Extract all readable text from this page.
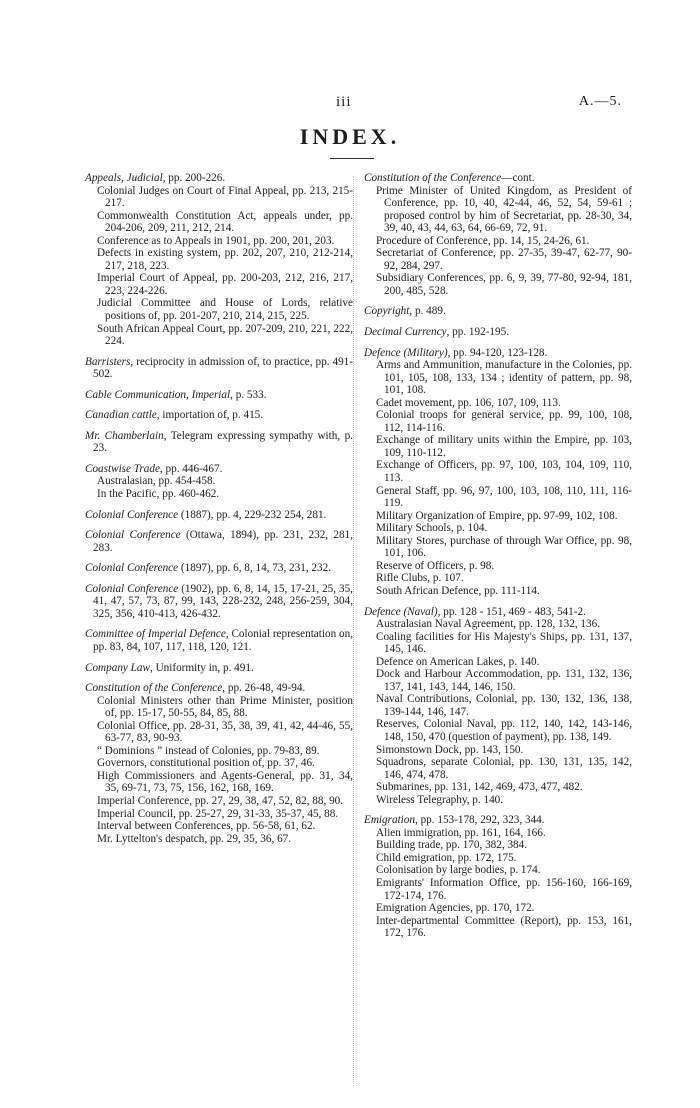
iii	A.—5.
INDEX.
Appeals, Judicial, pp. 200-226.
Colonial Judges on Court of Final Appeal, pp. 213, 215-217.
Commonwealth Constitution Act, appeals under, pp. 204-206, 209, 211, 212, 214.
Conference as to Appeals in 1901, pp. 200, 201, 203.
Defects in existing system, pp. 202, 207, 210, 212-214, 217, 218, 223.
Imperial Court of Appeal, pp. 200-203, 212, 216, 217, 223, 224-226.
Judicial Committee and House of Lords, relative positions of, pp. 201-207, 210, 214, 215, 225.
South African Appeal Court, pp. 207-209, 210, 221, 222, 224.
Barristers, reciprocity in admission of, to practice, pp. 491-502.
Cable Communication, Imperial, p. 533.
Canadian cattle, importation of, p. 415.
Mr. Chamberlain, Telegram expressing sympathy with, p. 23.
Coastwise Trade, pp. 446-467.
Australasian, pp. 454-458.
In the Pacific, pp. 460-462.
Colonial Conference (1887), pp. 4, 229-232 254, 281.
Colonial Conference (Ottawa, 1894), pp. 231, 232, 281, 283.
Colonial Conference (1897), pp. 6, 8, 14, 73, 231, 232.
Colonial Conference (1902), pp. 6, 8, 14, 15, 17-21, 25, 35, 41, 47, 57, 73, 87, 99, 143, 228-232, 248, 256-259, 304, 325, 356, 410-413, 426-432.
Committee of Imperial Defence, Colonial representation on, pp. 83, 84, 107, 117, 118, 120, 121.
Company Law, Uniformity in, p. 491.
Constitution of the Conference, pp. 26-48, 49-94.
Colonial Ministers other than Prime Minister, position of, pp. 15-17, 50-55, 84, 85, 88.
Colonial Office, pp. 28-31, 35, 38, 39, 41, 42, 44-46, 55, 63-77, 83, 90-93.
“ Dominions ” instead of Colonies, pp. 79-83, 89.
Governors, constitutional position of, pp. 37, 46.
High Commissioners and Agents-General, pp. 31, 34, 35, 69-71, 73, 75, 156, 162, 168, 169.
Imperial Conference, pp. 27, 29, 38, 47, 52, 82, 88, 90.
Imperial Council, pp. 25-27, 29, 31-33, 35-37, 45, 88.
Interval between Conferences, pp. 56-58, 61, 62.
Mr. Lyttelton's despatch, pp. 29, 35, 36, 67.
Constitution of the Conference—cont.
Prime Minister of United Kingdom, as President of Conference, pp. 10, 40, 42-44, 46, 52, 54, 59-61 ; proposed control by him of Secretariat, pp. 28-30, 34, 39, 40, 43, 44, 63, 64, 66-69, 72, 91.
Procedure of Conference, pp. 14, 15, 24-26, 61.
Secretariat of Conference, pp. 27-35, 39-47, 62-77, 90-92, 284, 297.
Subsidiary Conferences, pp. 6, 9, 39, 77-80, 92-94, 181, 200, 485, 528.
Copyright, p. 489.
Decimal Currency, pp. 192-195.
Defence (Military), pp. 94-120, 123-128.
Arms and Ammunition, manufacture in the Colonies, pp. 101, 105, 108, 133, 134 ; identity of pattern, pp. 98, 101, 108.
Cadet movement, pp. 106, 107, 109, 113.
Colonial troops for general service, pp. 99, 100, 108, 112, 114-116.
Exchange of military units within the Empire, pp. 103, 109, 110-112.
Exchange of Officers, pp. 97, 100, 103, 104, 109, 110, 113.
General Staff, pp. 96, 97, 100, 103, 108, 110, 111, 116-119.
Military Organization of Empire, pp. 97-99, 102, 108.
Military Schools, p. 104.
Military Stores, purchase of through War Office, pp. 98, 101, 106.
Reserve of Officers, p. 98.
Rifle Clubs, p. 107.
South African Defence, pp. 111-114.
Defence (Naval), pp. 128 - 151, 469 - 483, 541-2.
Australasian Naval Agreement, pp. 128, 132, 136.
Coaling facilities for His Majesty's Ships, pp. 131, 137, 145, 146.
Defence on American Lakes, p. 140.
Dock and Harbour Accommodation, pp. 131, 132, 136, 137, 141, 143, 144, 146, 150.
Naval Contributions, Colonial, pp. 130, 132, 136, 138, 139-144, 146, 147.
Reserves, Colonial Naval, pp. 112, 140, 142, 143-146, 148, 150, 470 (question of payment), pp. 138, 149.
Simonstown Dock, pp. 143, 150.
Squadrons, separate Colonial, pp. 130, 131, 135, 142, 146, 474, 478.
Submarines, pp. 131, 142, 469, 473, 477, 482.
Wireless Telegraphy, p. 140.
Emigration, pp. 153-178, 292, 323, 344.
Alien immigration, pp. 161, 164, 166.
Building trade, pp. 170, 382, 384.
Child emigration, pp. 172, 175.
Colonisation by large bodies, p. 174.
Emigrants' Information Office, pp. 156-160, 166-169, 172-174, 176.
Emigration Agencies, pp. 170, 172.
Inter-departmental Committee (Report), pp. 153, 161, 172, 176.
